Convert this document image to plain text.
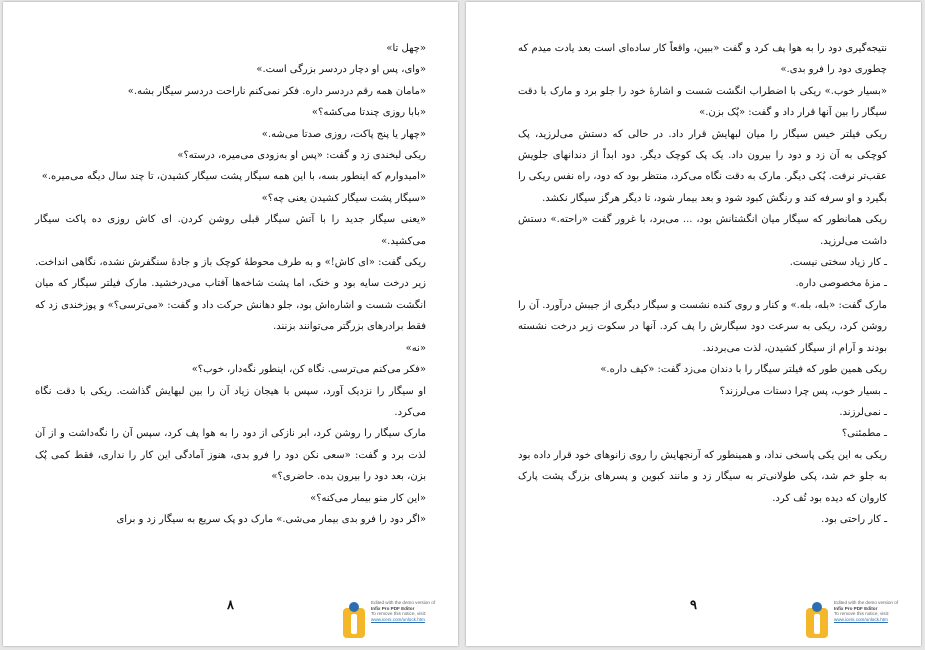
«چهل تا»

«وای، پس او دچار دردسر بزرگی است.»

«مامان همه رقم دردسر داره. فکر نمی‌کنم ناراحت دردسر سیگار بشه.»

«بابا روزی چندتا می‌کشه؟»

«چهار یا پنج پاکت، روزی صدتا می‌شه.»

ریکی لبخندی زد و گفت: «پس او به‌زودی می‌میره، درسته؟»

«امیدوارم که اینطور بسه، با این همه سیگار پشت سیگار کشیدن، تا چند سال دیگه می‌میره.»

«سیگار پشت سیگار کشیدن یعنی چه؟»

«یعنی سیگار جدید را با آتش سیگار قبلی روشن کردن. ای کاش روزی ده پاکت سیگار می‌کشید.»

ریکی گفت: «ای کاش!» و به طرف محوطهٔ کوچک باز و جادهٔ سنگفرش نشده، نگاهی انداخت. زیر درخت سایه بود و خنک، اما پشت شاخه‌ها آفتاب می‌درخشید. مارک فیلتر سیگار که میان انگشت شست و اشاره‌اش بود، جلو دهانش حرکت داد و گفت: «می‌ترسی؟» و پوزخندی زد که فقط برادرهای بزرگتر می‌توانند بزنند.

«نه»

«فکر می‌کنم می‌ترسی. نگاه کن، اینطور نگه‌دار، خوب؟»

او سیگار را نزدیک آورد، سپس با هیجان زیاد آن را بین لبهایش گذاشت. ریکی با دقت نگاه می‌کرد.

مارک سیگار را روشن کرد، ابر نازکی از دود را به هوا پف کرد، سپس آن را نگه‌داشت و از آن لذت برد و گفت: «سعی نکن دود را فرو بدی، هنوز آمادگی این کار را نداری، فقط کمی پُک بزن، بعد دود را بیرون بده. حاضری؟»

«این کار منو بیمار می‌کنه؟»

«اگر دود را فرو بدی بیمار می‌شی.» مارک دو پک سریع به سیگار زد و برای

۸	Edited with the demo version of
Infix Pro PDF Editor
To remove this notice, visit:
www.iceni.com/unlock.htm

نتیجه‌گیری دود را به هوا پف کرد و گفت «ببین، واقعاً کار ساده‌ای است بعد یادت میدم که چطوری دود را فرو بدی.»

«بسیار خوب.» ریکی با اضطراب انگشت شست و اشارهٔ خود را جلو برد و مارک با دقت سیگار را بین آنها قرار داد و گفت: «پُک بزن.»

ریکی فیلتر خیس سیگار را میان لبهایش قرار داد. در حالی که دستش می‌لرزید، پک کوچکی به آن زد و دود را بیرون داد. یک پک کوچک دیگر. دود ابداً از دندانهای جلویش عقب‌تر نرفت. پُکی دیگر. مارک به دقت نگاه می‌کرد، منتظر بود که دود، راه نفس ریکی را بگیرد و او سرفه کند و رنگش کبود شود و بعد بیمار شود، تا دیگر هرگز سیگار نکشد.

ریکی همانطور که سیگار میان انگشتانش بود، ... می‌برد، با غرور گفت «راحته.» دستش داشت می‌لرزید.

ـ کار زیاد سختی نیست.

ـ مزهٔ مخصوصی داره.

مارک گفت: «بله، بله.» و کنار و روی کنده نشست و سیگار دیگری از جیبش درآورد. آن را روشن کرد، ریکی به سرعت دود سیگارش را پف کرد. آنها در سکوت زیر درخت نشسته بودند و آرام از سیگار کشیدن، لذت می‌بردند.

ریکی همین طور که فیلتر سیگار را با دندان می‌زد گفت: «کیف داره.»

ـ بسیار خوب، پس چرا دستات می‌لرزند؟

ـ نمی‌لرزند.

ـ مطمئنی؟

ریکی به این یکی پاسخی نداد، و همینطور که آرنجهایش را روی زانوهای خود قرار داده بود به جلو خم شد، پکی طولانی‌تر به سیگار زد و مانند کبوین و پسرهای بزرگ پشت پارک کاروان که دیده بود تُف کرد.

ـ کار راحتی بود.

۹	Edited with the demo version of
Infix Pro PDF Editor
To remove this notice, visit:
www.iceni.com/unlock.htm
